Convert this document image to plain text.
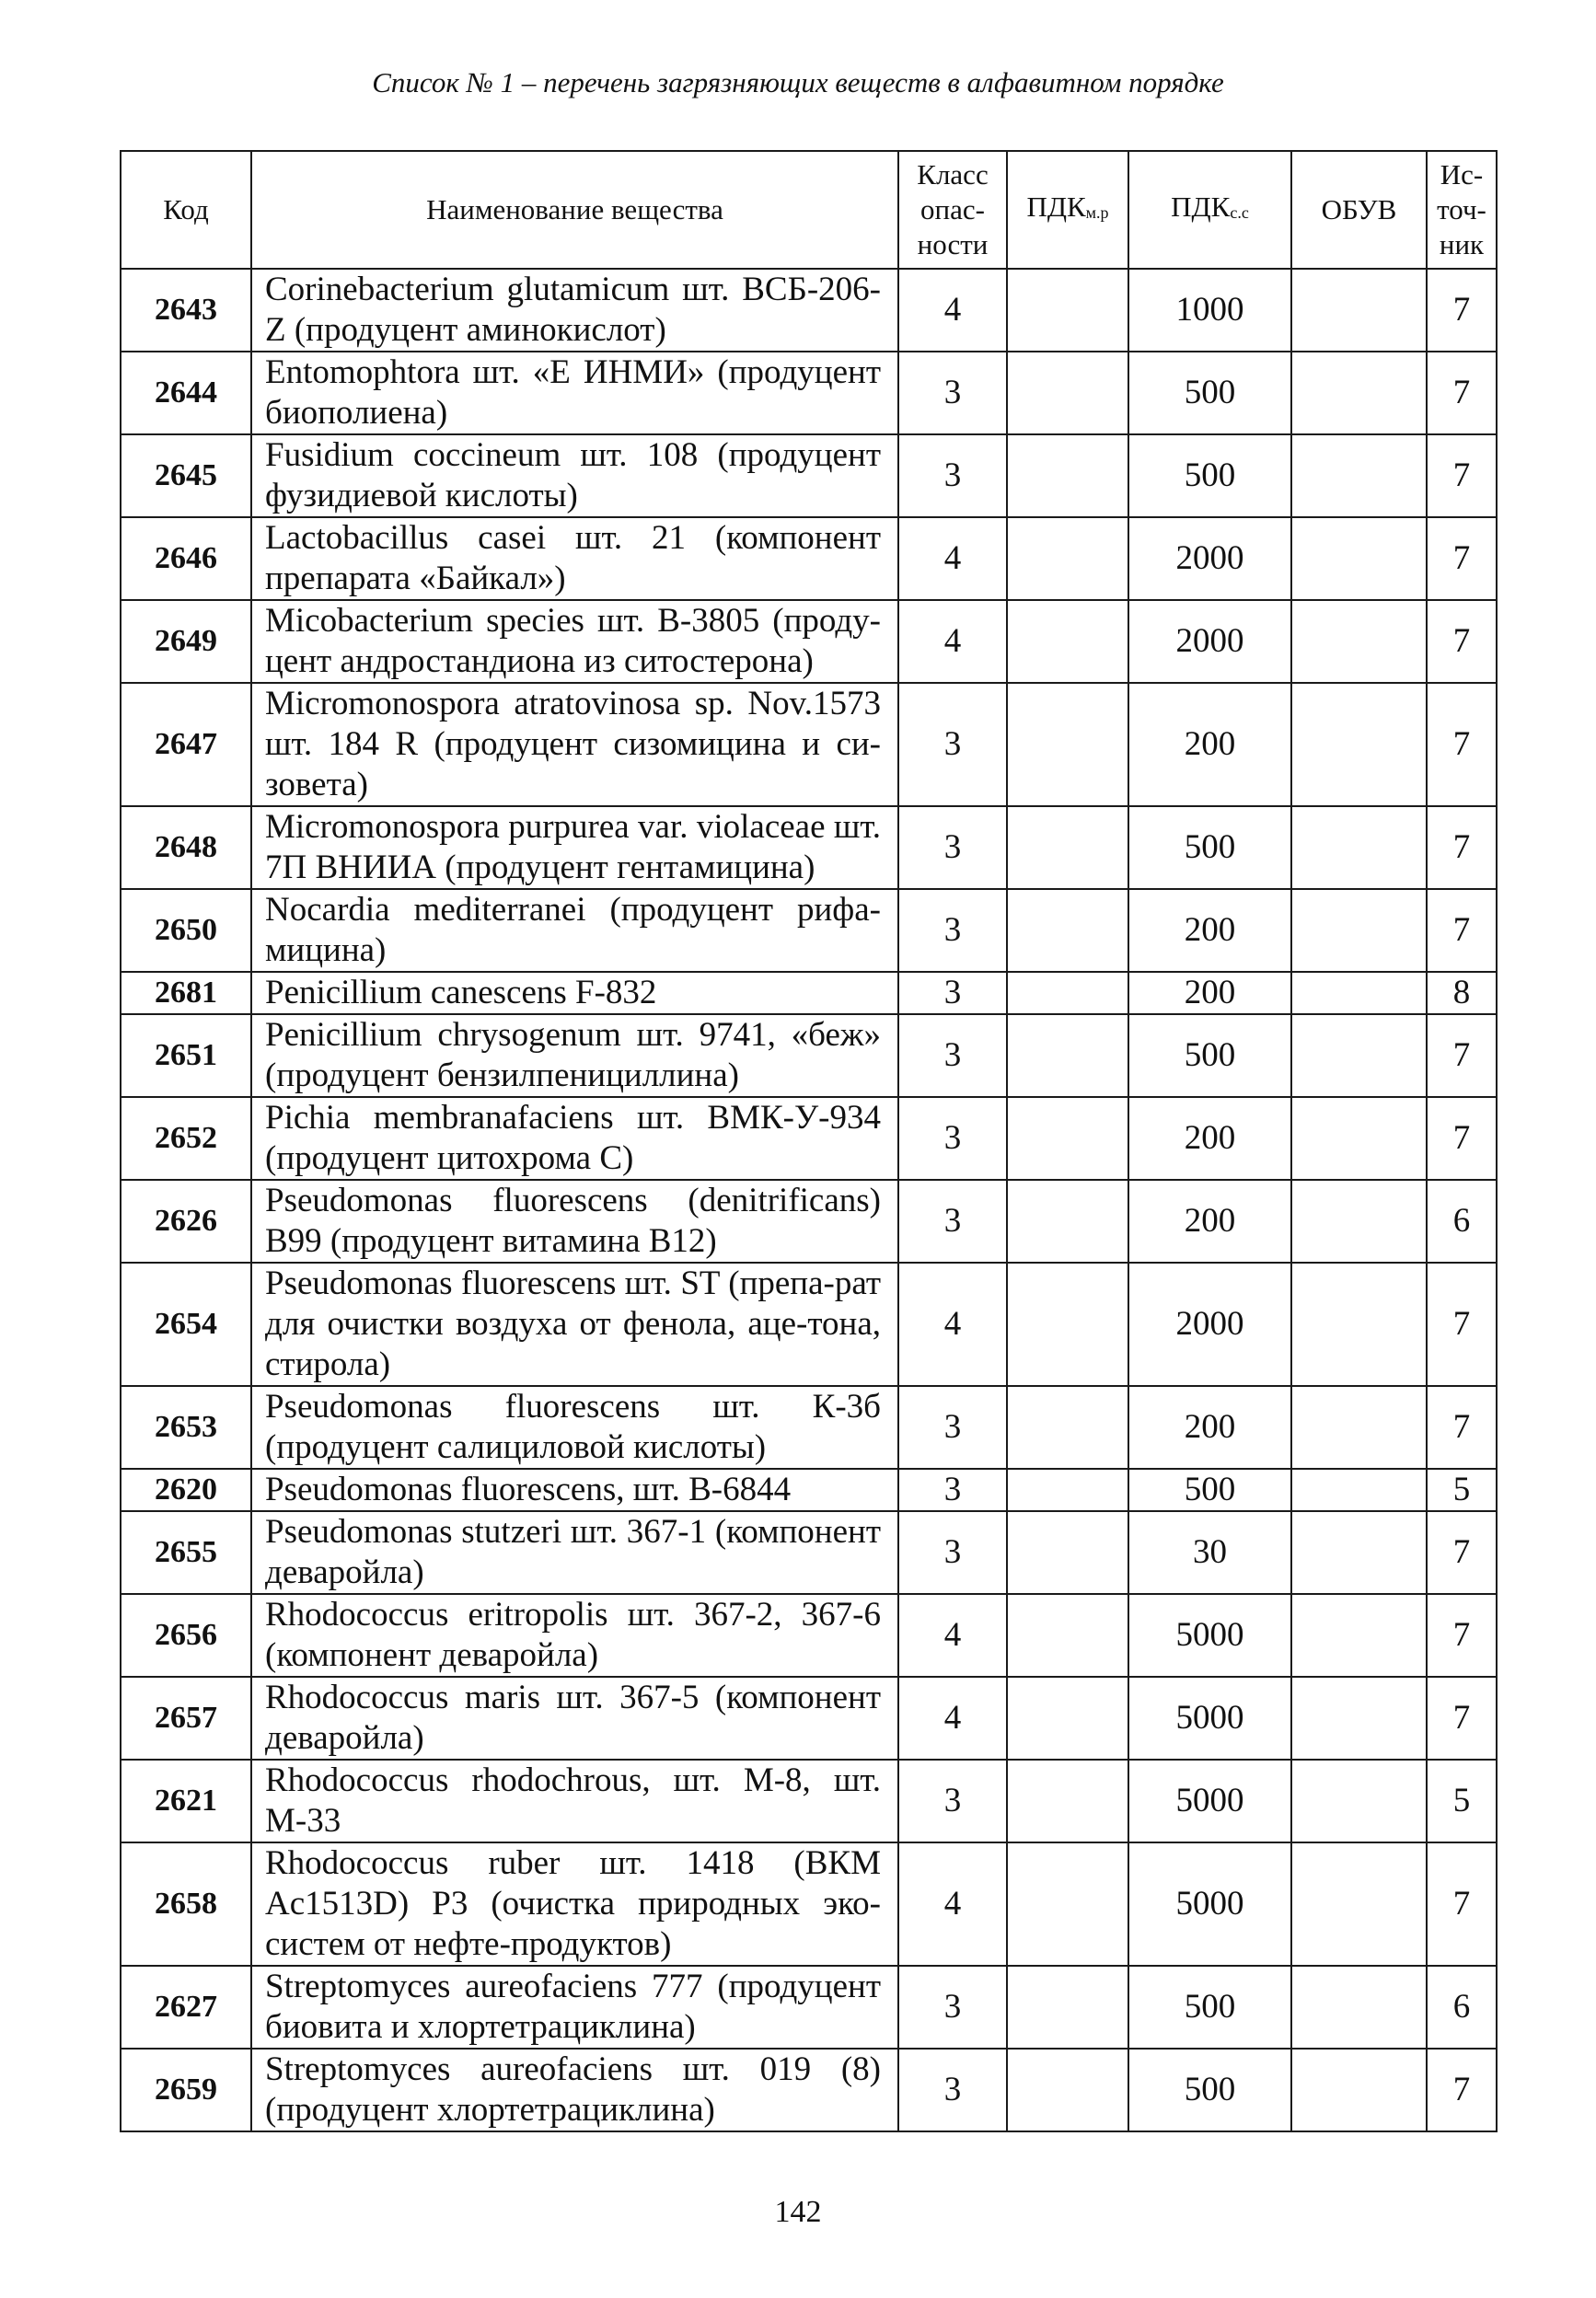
Список № 1 – перечень загрязняющих веществ в алфавитном порядке
Код	Наименование вещества	Класс опас-ности	$ПДК_{м.р}$	$ПДК_{с.с}$	ОБУВ	Ис-точ-ник
2643	Corinebacterium glutamicum шт. ВСБ-206-Z (продуцент аминокислот)	4		1000		7
2644	Entomophtora шт. «Е ИНМИ» (продуцент биополиена)	3		500		7
2645	Fusidium coccineum шт. 108 (продуцент фузидиевой кислоты)	3		500		7
2646	Lactobacillus casei шт. 21 (компонент препарата «Байкал»)	4		2000		7
2649	Micobacterium species шт. В-3805 (проду-цент андростандиона из ситостерона)	4		2000		7
2647	Micromonospora atratovinosa sp. Nov.1573 шт. 184 R (продуцент сизомицина и си-зовета)	3		200		7
2648	Micromonospora purpurea var. violaceae шт. 7П ВНИИА (продуцент гентамицина)	3		500		7
2650	Nocardia mediterranei (продуцент рифа-мицина)	3		200		7
2681	Penicillium canescens F-832	3		200		8
2651	Penicillium chrysogenum шт. 9741, «беж» (продуцент бензилпенициллина)	3		500		7
2652	Pichia membranafaciens шт. ВМК-У-934 (продуцент цитохрома С)	3		200		7
2626	Pseudomonas fluorescens (denitrificans) B99 (продуцент витамина В12)	3		200		6
2654	Pseudomonas fluorescens шт. ST (препа-рат для очистки воздуха от фенола, аце-тона, стирола)	4		2000		7
2653	Pseudomonas fluorescens шт. К-3б (продуцент салициловой кислоты)	3		200		7
2620	Pseudomonas fluorescens, шт. B-6844	3		500		5
2655	Pseudomonas stutzeri шт. 367-1 (компонент деваройла)	3		30		7
2656	Rhodococcus eritropolis шт. 367-2, 367-6 (компонент деваройла)	4		5000		7
2657	Rhodococcus maris шт. 367-5 (компонент деваройла)	4		5000		7
2621	Rhodococcus rhodochrous, шт. М-8, шт. М-33	3		5000		5
2658	Rhodococcus ruber шт. 1418 (ВКМ Ac1513D) Р3 (очистка природных эко-систем от нефте-продуктов)	4		5000		7
2627	Streptomyces aureofaciens 777 (продуцент биовита и хлортетрациклина)	3		500		6
2659	Streptomyces aureofaciens шт. 019 (8) (продуцент хлортетрациклина)	3		500		7
142
